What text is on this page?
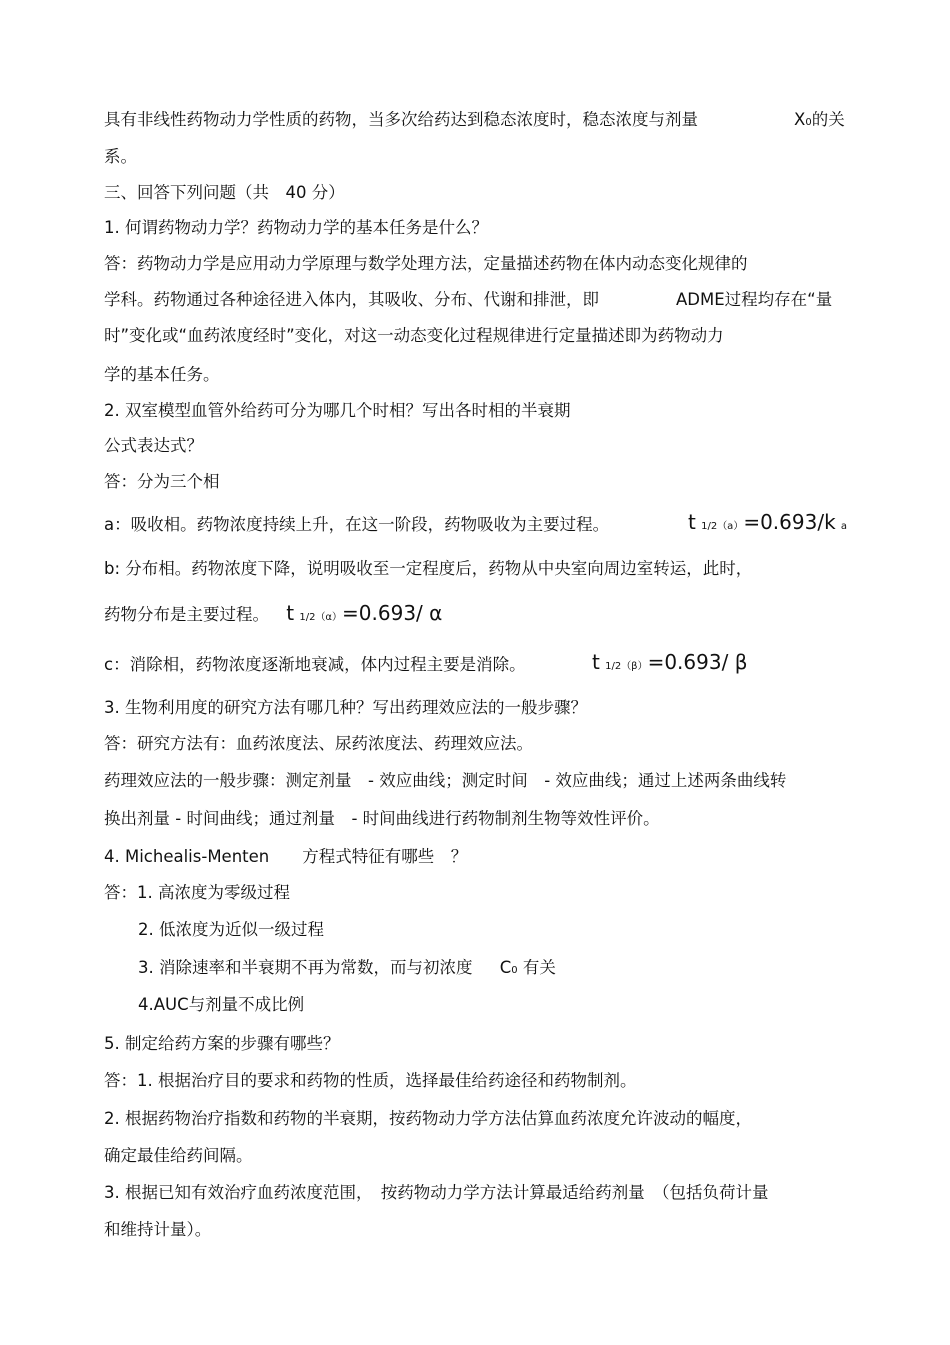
具有非线性药物动力学性质的药物，当多次给药达到稳态浓度时，稳态浓度与剂量	X0的关
系。
三、回答下列问题（共　40 分）
1. 何谓药物动力学？药物动力学的基本任务是什么？
答：药物动力学是应用动力学原理与数学处理方法，定量描述药物在体内动态变化规律的
学科。药物通过各种途径进入体内，其吸收、分布、代谢和排泄，即	ADME过程均存在“量
时”变化或“血药浓度经时”变化，对这一动态变化过程规律进行定量描述即为药物动力
学的基本任务。
2. 双室模型血管外给药可分为哪几个时相？写出各时相的半衰期
公式表达式？
答：分为三个相
a：吸收相。药物浓度持续上升，在这一阶段，药物吸收为主要过程。	t 1/2（a）=0.693/k a
b: 分布相。药物浓度下降，说明吸收至一定程度后，药物从中央室向周边室转运，此时，
药物分布是主要过程。 t 1/2（α）=0.693/ α
c：消除相，药物浓度逐渐地衰减，体内过程主要是消除。	t 1/2（β）=0.693/ β
3. 生物利用度的研究方法有哪几种？写出药理效应法的一般步骤？
答：研究方法有：血药浓度法、尿药浓度法、药理效应法。
药理效应法的一般步骤：测定剂量　- 效应曲线；测定时间　- 效应曲线；通过上述两条曲线转
换出剂量 - 时间曲线；通过剂量　- 时间曲线进行药物制剂生物等效性评价。
4. Michealis-Menten　　方程式特征有哪些　？
答：1. 高浓度为零级过程
2. 低浓度为近似一级过程
3. 消除速率和半衰期不再为常数，而与初浓度 C0 有关
4.AUC与剂量不成比例
5. 制定给药方案的步骤有哪些？
答：1. 根据治疗目的要求和药物的性质，选择最佳给药途径和药物制剂。
2. 根据药物治疗指数和药物的半衰期，按药物动力学方法估算血药浓度允许波动的幅度，
确定最佳给药间隔。
3. 根据已知有效治疗血药浓度范围，　按药物动力学方法计算最适给药剂量　（包括负荷计量
和维持计量）。
